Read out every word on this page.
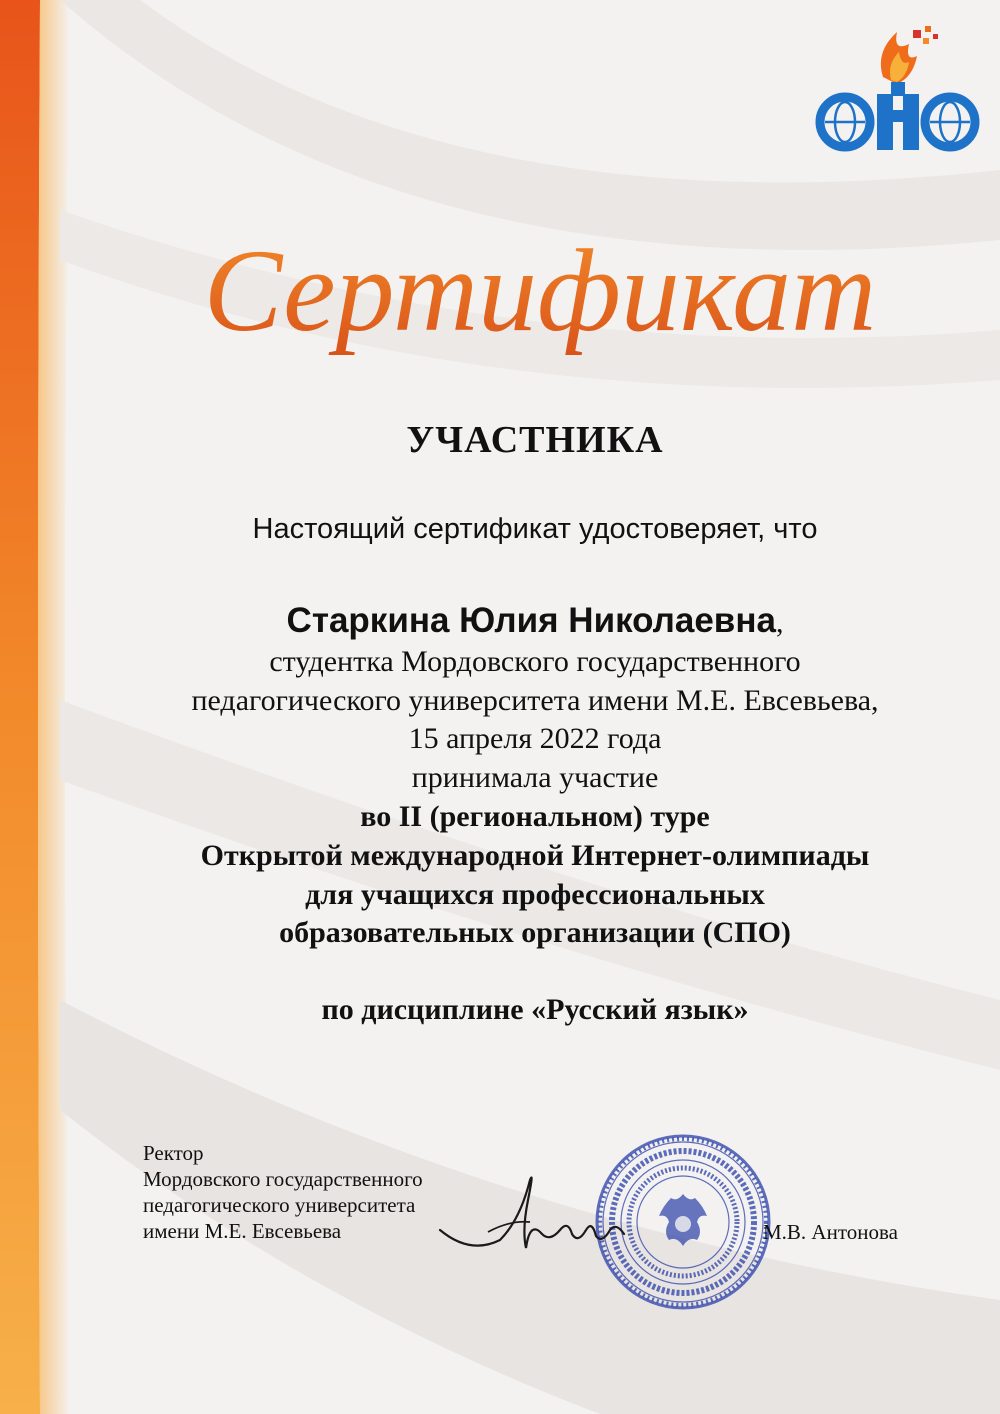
Сертификат
УЧАСТНИКА
Настоящий сертификат удостоверяет, что
Старкина Юлия Николаевна,
студентка Мордовского государственного
педагогического университета имени М.Е. Евсевьева,
15 апреля 2022 года
принимала участие
во II (региональном) туре
Открытой международной Интернет-олимпиады
для учащихся профессиональных
образовательных организации (СПО)
по дисциплине «Русский язык»
Ректор
Мордовского государственного
педагогического университета
имени М.Е. Евсевьева	М.В. Антонова
